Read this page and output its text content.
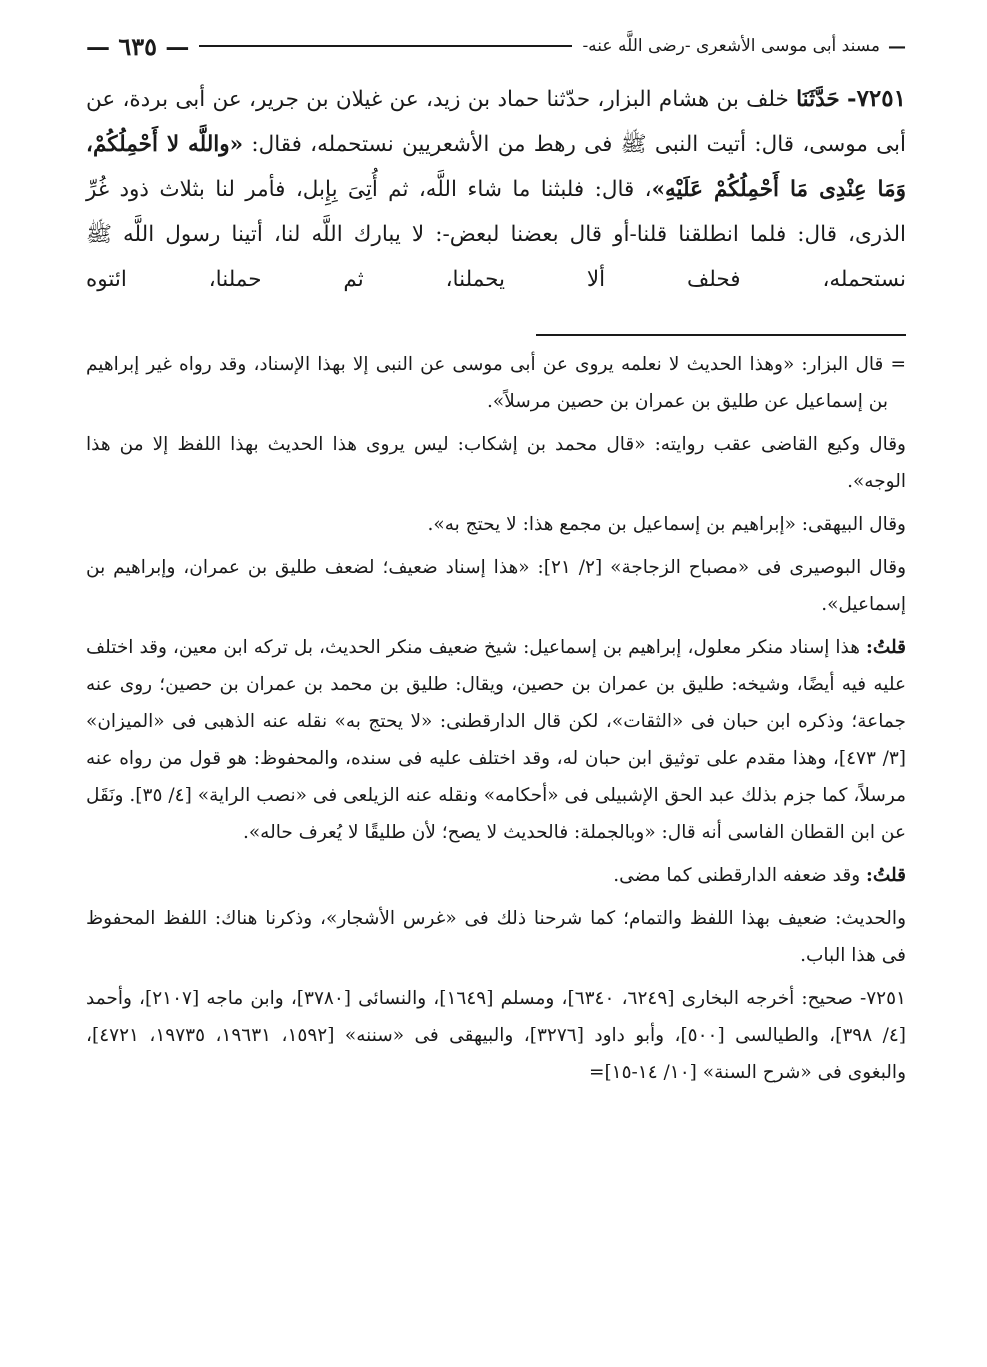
—
مسند أبى موسى الأشعرى -رضى اللَّه عنه-
— ٦٣٥ —

٧٢٥١- حَدَّثَنَا خلف بن هشام البزار، حدّثنا حماد بن زيد، عن غيلان بن جرير، عن أبى بردة، عن أبى موسى، قال: أتيت النبى ﷺ فى رهط من الأشعريين نستحمله، فقال: «واللَّه لا أَحْمِلُكُمْ، وَمَا عِنْدِى مَا أَحْمِلُكُمْ عَلَيْهِ»، قال: فلبثنا ما شاء اللَّه، ثم أُتِىَ بِإِبل، فأمر لنا بثلاث ذود غُرِّ الذرى، قال: فلما انطلقنا قلنا-أو قال بعضنا لبعض-: لا يبارك اللَّه لنا، أتينا رسول اللَّه ﷺ نستحمله، فحلف ألا يحملنا، ثم حملنا، ائتوه

= قال البزار: «وهذا الحديث لا نعلمه يروى عن أبى موسى عن النبى إلا بهذا الإسناد، وقد رواه غير إبراهيم بن إسماعيل عن طليق بن عمران بن حصين مرسلاً».

وقال وكيع القاضى عقب روايته: «قال محمد بن إشكاب: ليس يروى هذا الحديث بهذا اللفظ إلا من هذا الوجه».

وقال البيهقى: «إبراهيم بن إسماعيل بن مجمع هذا: لا يحتج به».

وقال البوصيرى فى «مصباح الزجاجة» [٢/ ٢١]: «هذا إسناد ضعيف؛ لضعف طليق بن عمران، وإبراهيم بن إسماعيل».

قلتُ: هذا إسناد منكر معلول، إبراهيم بن إسماعيل: شيخ ضعيف منكر الحديث، بل تركه ابن معين، وقد اختلف عليه فيه أيضًا، وشيخه: طليق بن عمران بن حصين، ويقال: طليق بن محمد بن عمران بن حصين؛ روى عنه جماعة؛ وذكره ابن حبان فى «الثقات»، لكن قال الدارقطنى: «لا يحتج به» نقله عنه الذهبى فى «الميزان» [٣/ ٤٧٣]، وهذا مقدم على توثيق ابن حبان له، وقد اختلف عليه فى سنده، والمحفوظ: هو قول من رواه عنه مرسلاً، كما جزم بذلك عبد الحق الإشبيلى فى «أحكامه» ونقله عنه الزيلعى فى «نصب الراية» [٤/ ٣٥]. ونَقَل عن ابن القطان الفاسى أنه قال: «وبالجملة: فالحديث لا يصح؛ لأن طليقًا لا يُعرف حاله».

قلتُ: وقد ضعفه الدارقطنى كما مضى.

والحديث: ضعيف بهذا اللفظ والتمام؛ كما شرحنا ذلك فى «غرس الأشجار»، وذكرنا هناك: اللفظ المحفوظ فى هذا الباب.

٧٢٥١- صحيح: أخرجه البخارى [٦٢٤٩، ٦٣٤٠]، ومسلم [١٦٤٩]، والنسائى [٣٧٨٠]، وابن ماجه [٢١٠٧]، وأحمد [٤/ ٣٩٨]، والطيالسى [٥٠٠]، وأبو داود [٣٢٧٦]، والبيهقى فى «سننه» [١٥٩٢، ١٩٦٣١، ١٩٧٣٥، ٤٧٢١]، والبغوى فى «شرح السنة» [١٠/ ١٤-١٥]=
